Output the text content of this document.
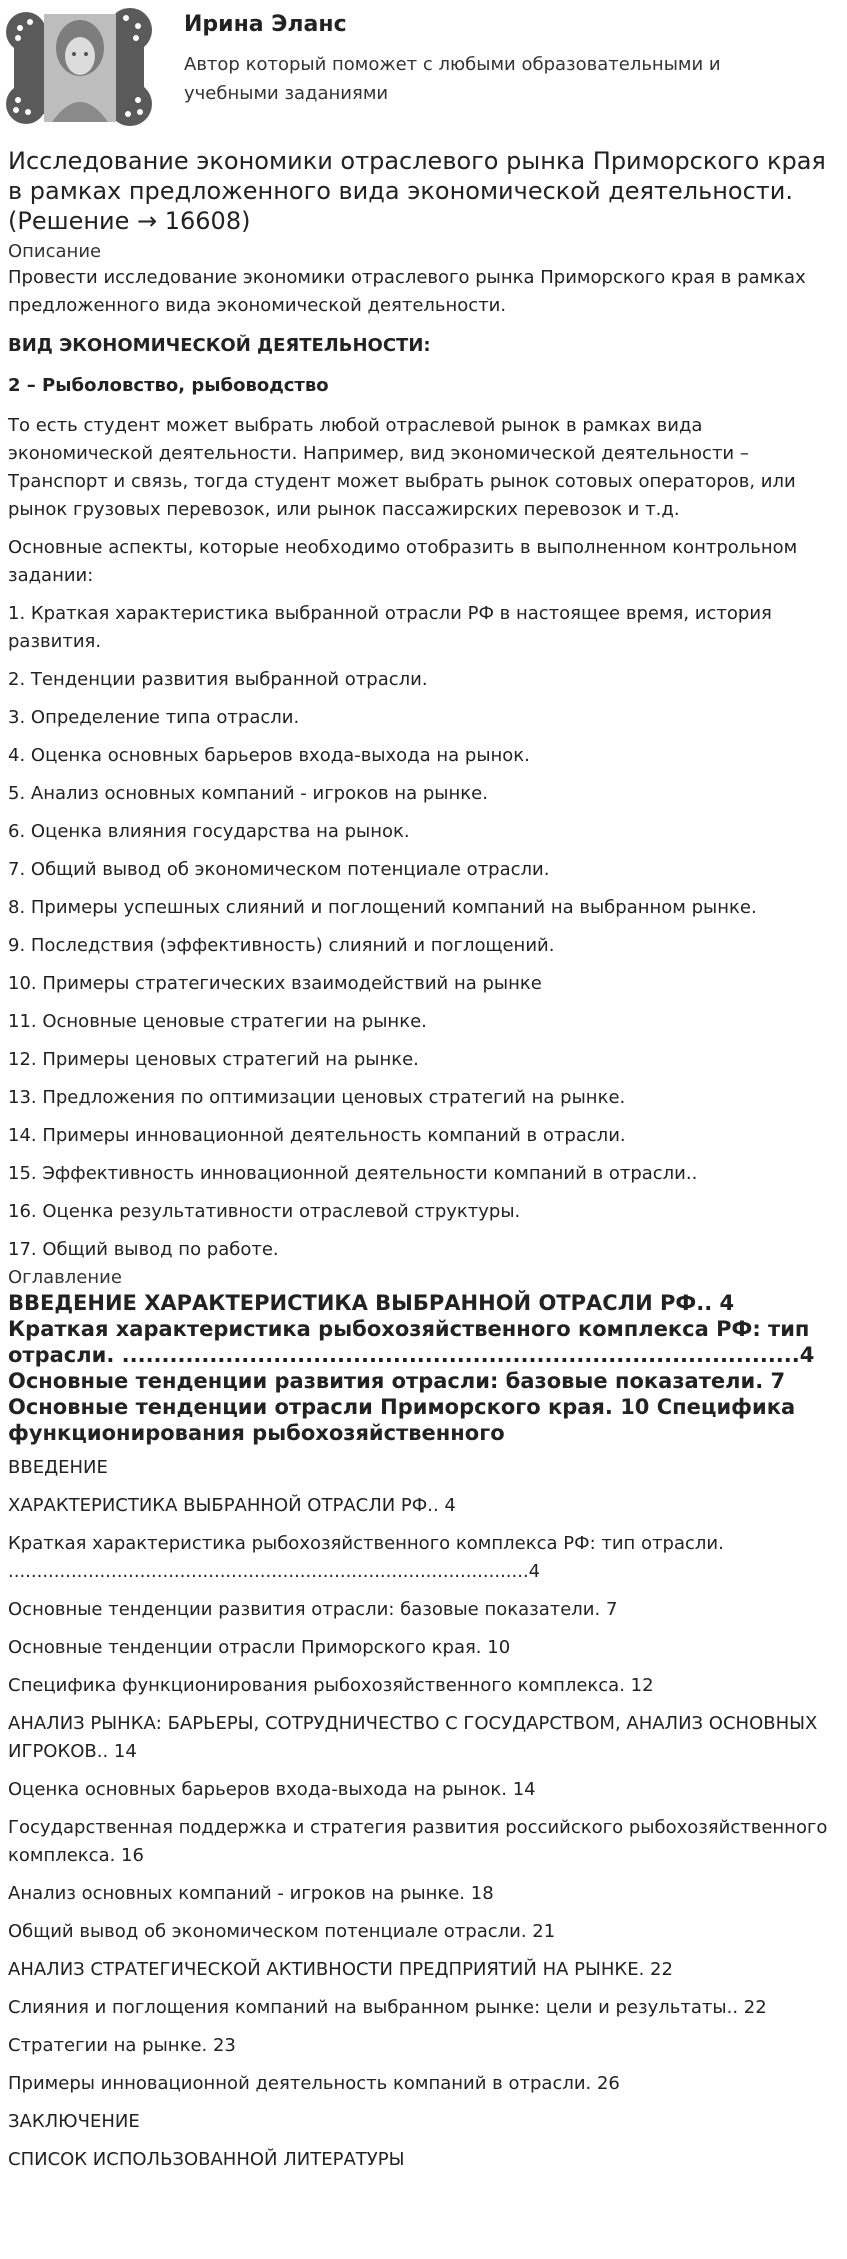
Ирина Эланс
Автор который поможет с любыми образовательными и учебными заданиями
Исследование экономики отраслевого рынка Приморского края в рамках предложенного вида экономической деятельности. (Решение → 16608)
Описание

Провести исследование экономики отраслевого рынка Приморского края в рамках предложенного вида экономической деятельности.

ВИД ЭКОНОМИЧЕСКОЙ ДЕЯТЕЛЬНОСТИ:

2 – Рыболовство, рыбоводство

То есть студент может выбрать любой отраслевой рынок в рамках вида экономической деятельности. Например, вид экономической деятельности – Транспорт и связь, тогда студент может выбрать рынок сотовых операторов, или рынок грузовых перевозок, или рынок пассажирских перевозок и т.д.

Основные аспекты, которые необходимо отобразить в выполненном контрольном задании:

1. Краткая характеристика выбранной отрасли РФ в настоящее время, история развития.

2. Тенденции развития выбранной отрасли.

3. Определение типа отрасли.

4. Оценка основных барьеров входа-выхода на рынок.

5. Анализ основных компаний - игроков на рынке.

6. Оценка влияния государства на рынок.

7. Общий вывод об экономическом потенциале отрасли.

8. Примеры успешных слияний и поглощений компаний на выбранном рынке.

9. Последствия (эффективность) слияний и поглощений.

10. Примеры стратегических взаимодействий на рынке

11. Основные ценовые стратегии на рынке.

12. Примеры ценовых стратегий на рынке.

13. Предложения по оптимизации ценовых стратегий на рынке.

14. Примеры инновационной деятельность компаний в отрасли.

15. Эффективность инновационной деятельности компаний в отрасли..

16. Оценка результативности отраслевой структуры.

17. Общий вывод по работе.

Оглавление

ВВЕДЕНИЕ ХАРАКТЕРИСТИКА ВЫБРАННОЙ ОТРАСЛИ РФ.. 4 Краткая характеристика рыбохозяйственного комплекса РФ: тип отрасли. .....................................................................................4

Основные тенденции развития отрасли: базовые показатели. 7 Основные тенденции отрасли Приморского края. 10 Специфика функционирования рыбохозяйственного

ВВЕДЕНИЕ

ХАРАКТЕРИСТИКА ВЫБРАННОЙ ОТРАСЛИ РФ.. 4

Краткая характеристика рыбохозяйственного комплекса РФ: тип отрасли. ...........................................................................................4

Основные тенденции развития отрасли: базовые показатели. 7

Основные тенденции отрасли Приморского края. 10

Специфика функционирования рыбохозяйственного комплекса. 12

АНАЛИЗ РЫНКА: БАРЬЕРЫ, СОТРУДНИЧЕСТВО С ГОСУДАРСТВОМ, АНАЛИЗ ОСНОВНЫХ ИГРОКОВ.. 14

Оценка основных барьеров входа-выхода на рынок. 14

Государственная поддержка и стратегия развития российского рыбохозяйственного комплекса. 16

Анализ основных компаний - игроков на рынке. 18

Общий вывод об экономическом потенциале отрасли. 21

АНАЛИЗ СТРАТЕГИЧЕСКОЙ АКТИВНОСТИ ПРЕДПРИЯТИЙ НА РЫНКЕ. 22

Слияния и поглощения компаний на выбранном рынке: цели и результаты.. 22

Стратегии на рынке. 23

Примеры инновационной деятельность компаний в отрасли. 26

ЗАКЛЮЧЕНИЕ

СПИСОК ИСПОЛЬЗОВАННОЙ ЛИТЕРАТУРЫ
